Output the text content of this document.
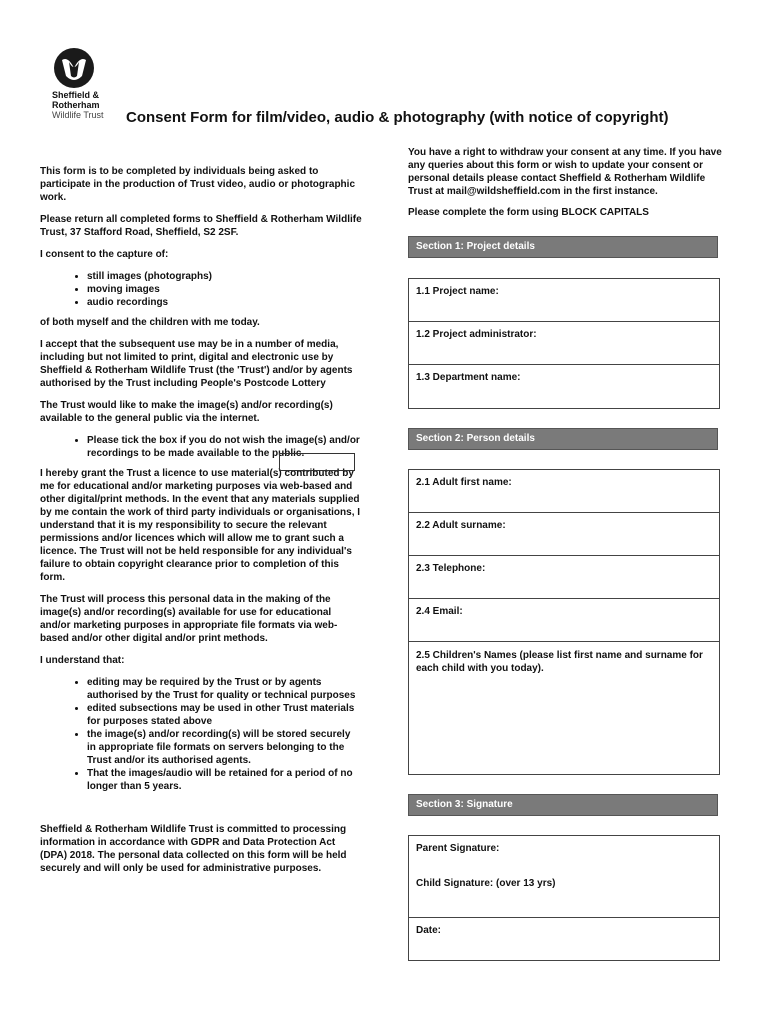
Sheffield &
Rotherham
Wildlife Trust	Consent Form for film/video, audio & photography (with notice of copyright)

This form is to be completed by individuals being asked to participate in the production of Trust video, audio or photographic work.

Please return all completed forms to Sheffield & Rotherham Wildlife Trust, 37 Stafford Road, Sheffield, S2 2SF.

I consent to the capture of:

• still images (photographs)
• moving images
• audio recordings

of both myself and the children with me today.

I accept that the subsequent use may be in a number of media, including but not limited to print, digital and electronic use by Sheffield & Rotherham Wildlife Trust (the 'Trust') and/or by agents authorised by the Trust including People's Postcode Lottery

The Trust would like to make the image(s) and/or recording(s) available to the general public via the internet.

• Please tick the box if you do not wish the image(s) and/or recordings to be made available to the public.

I hereby grant the Trust a licence to use material(s) contributed by me for educational and/or marketing purposes via web-based and other digital/print methods. In the event that any materials supplied by me contain the work of third party individuals or organisations, I understand that it is my responsibility to secure the relevant permissions and/or licences which will allow me to grant such a licence. The Trust will not be held responsible for any individual's failure to obtain copyright clearance prior to completion of this form.

The Trust will process this personal data in the making of the image(s) and/or recording(s) available for use for educational and/or marketing purposes in appropriate file formats via web-based and/or other digital and/or print methods.

I understand that:

• editing may be required by the Trust or by agents authorised by the Trust for quality or technical purposes
• edited subsections may be used in other Trust materials for purposes stated above
• the image(s) and/or recording(s) will be stored securely in appropriate file formats on servers belonging to the Trust and/or its authorised agents.
• That the images/audio will be retained for a period of no longer than 5 years.

Sheffield & Rotherham Wildlife Trust is committed to processing information in accordance with GDPR and Data Protection Act (DPA) 2018. The personal data collected on this form will be held securely and will only be used for administrative purposes.

You have a right to withdraw your consent at any time. If you have any queries about this form or wish to update your consent or personal details please contact Sheffield & Rotherham Wildlife Trust at mail@wildsheffield.com in the first instance.

Please complete the form using BLOCK CAPITALS

Section 1: Project details
1.1 Project name:
1.2 Project administrator:
1.3 Department name:
Section 2: Person details
2.1 Adult first name:
2.2 Adult surname:
2.3 Telephone:
2.4 Email:
2.5 Children's Names (please list first name and surname for each child with you today).
Section 3: Signature
Parent Signature:
Child Signature: (over 13 yrs)
Date:
